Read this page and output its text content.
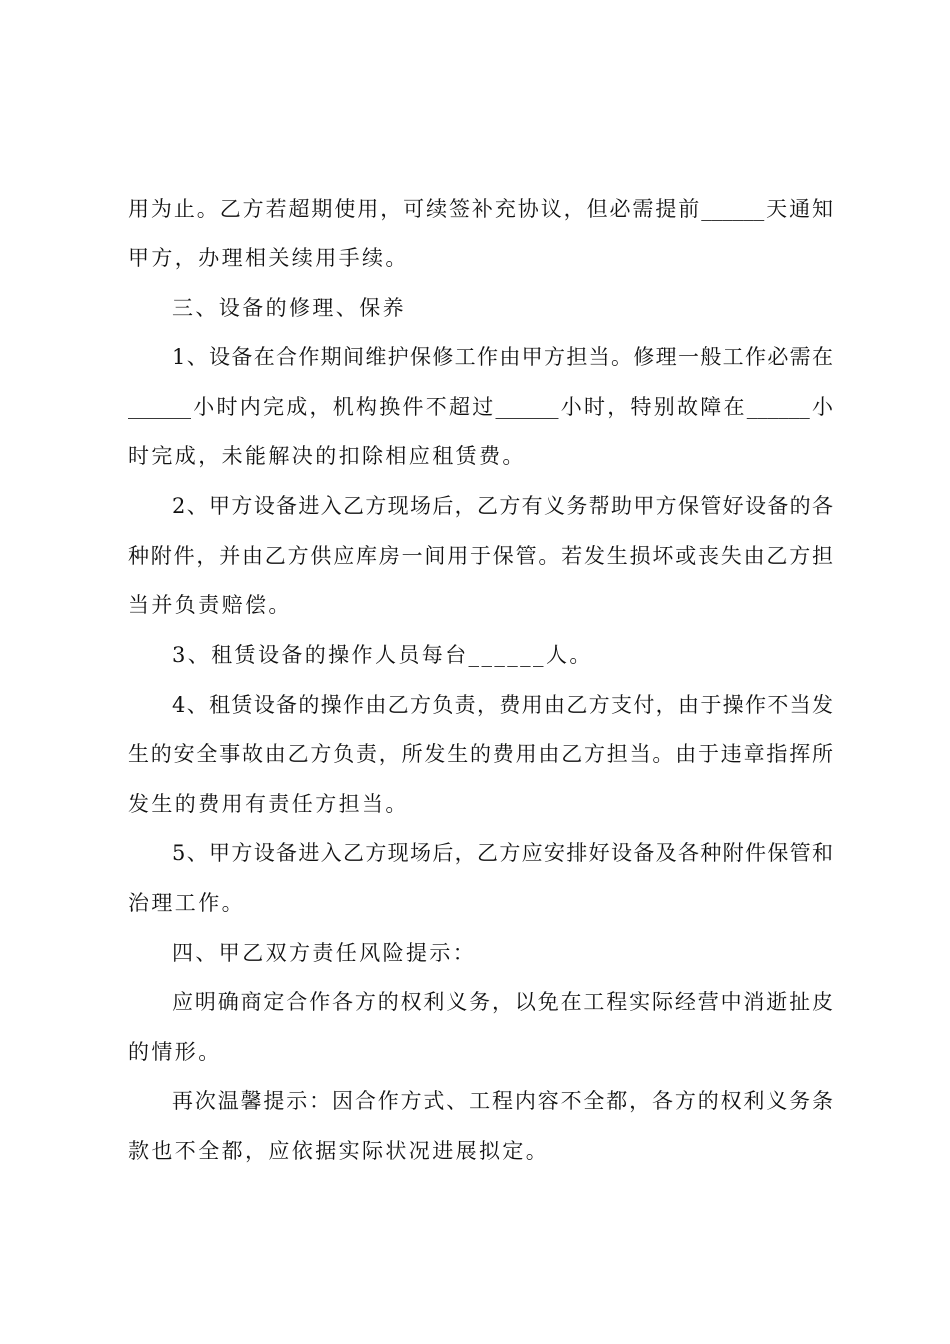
用为止。乙方若超期使用，可续签补充协议，但必需提前______天通知
甲方，办理相关续用手续。
三、设备的修理、保养
1、设备在合作期间维护保修工作由甲方担当。修理一般工作必需在
______小时内完成，机构换件不超过______小时，特别故障在______小
时完成，未能解决的扣除相应租赁费。
2、甲方设备进入乙方现场后，乙方有义务帮助甲方保管好设备的各
种附件，并由乙方供应库房一间用于保管。若发生损坏或丧失由乙方担
当并负责赔偿。
3、租赁设备的操作人员每台______人。
4、租赁设备的操作由乙方负责，费用由乙方支付，由于操作不当发
生的安全事故由乙方负责，所发生的费用由乙方担当。由于违章指挥所
发生的费用有责任方担当。
5、甲方设备进入乙方现场后，乙方应安排好设备及各种附件保管和
治理工作。
四、甲乙双方责任风险提示：
应明确商定合作各方的权利义务，以免在工程实际经营中消逝扯皮
的情形。
再次温馨提示：因合作方式、工程内容不全都，各方的权利义务条
款也不全都，应依据实际状况进展拟定。
